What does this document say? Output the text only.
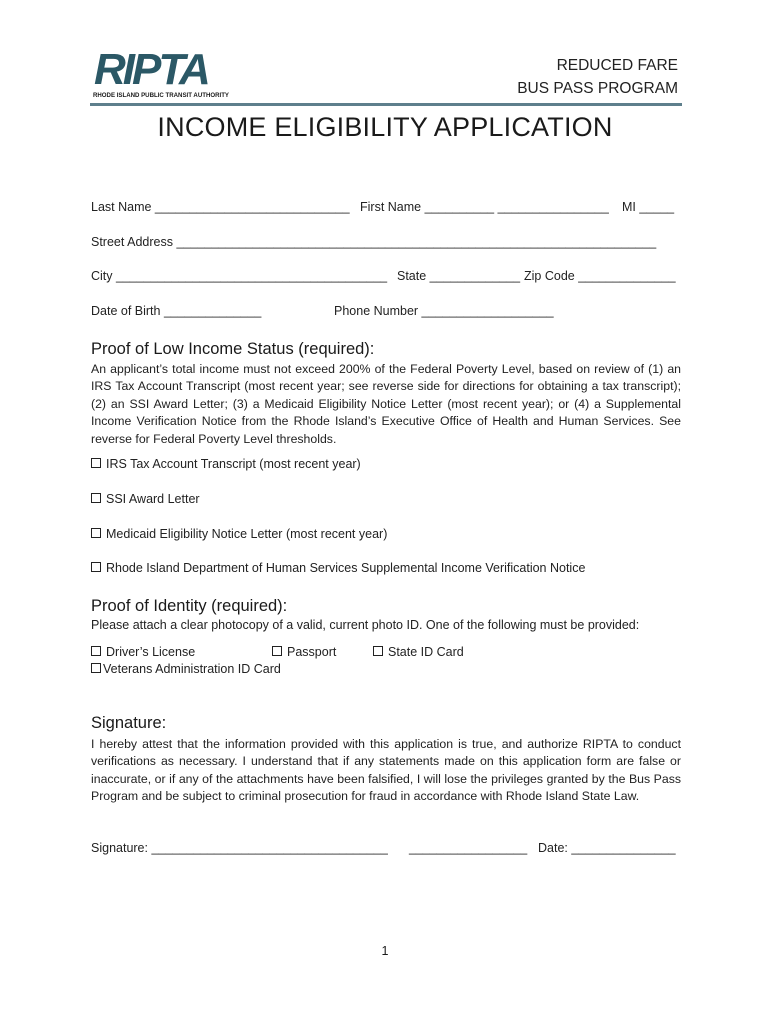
RIPTA
RHODE ISLAND PUBLIC TRANSIT AUTHORITY
REDUCED FARE
BUS PASS PROGRAM
INCOME ELIGIBILITY APPLICATION
Last Name ____________________________ First Name __________ ________________ MI _____
Street Address _____________________________________________________________________
City _______________________________________ State _____________ Zip Code ______________
Date of Birth ______________	Phone Number ___________________
Proof of Low Income Status (required):
An applicant’s total income must not exceed 200% of the Federal Poverty Level, based on review of (1) an IRS Tax Account Transcript (most recent year; see reverse side for directions for obtaining a tax transcript); (2) an SSI Award Letter; (3) a Medicaid Eligibility Notice Letter (most recent year); or (4) a Supplemental Income Verification Notice from the Rhode Island’s Executive Office of Health and Human Services. See reverse for Federal Poverty Level thresholds.
IRS Tax Account Transcript (most recent year)
SSI Award Letter
Medicaid Eligibility Notice Letter (most recent year)
Rhode Island Department of Human Services Supplemental Income Verification Notice
Proof of Identity (required):
Please attach a clear photocopy of a valid, current photo ID. One of the following must be provided:
Driver’s License	Passport	State ID Card
Veterans Administration ID Card
Signature:
I hereby attest that the information provided with this application is true, and authorize RIPTA to conduct verifications as necessary. I understand that if any statements made on this application form are false or inaccurate, or if any of the attachments have been falsified, I will lose the privileges granted by the Bus Pass Program and be subject to criminal prosecution for fraud in accordance with Rhode Island State Law.
Signature: __________________________________ _________________ Date: _______________
1
